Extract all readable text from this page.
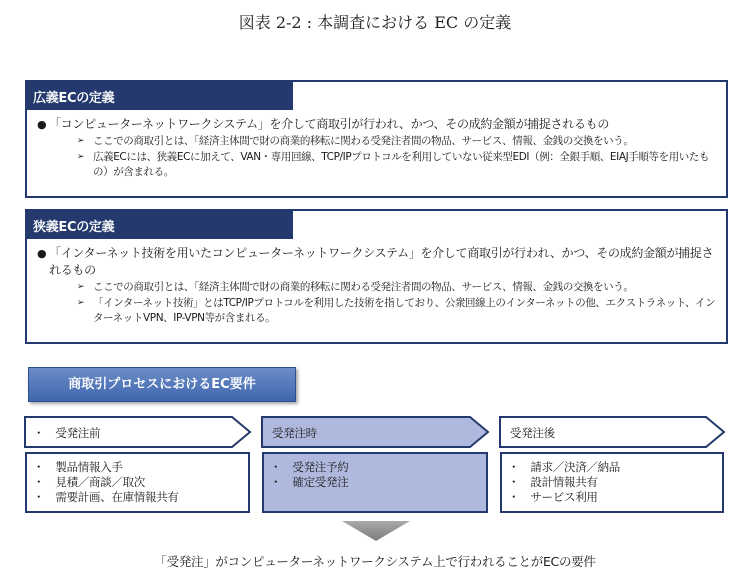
図表 2-2 : 本調査における EC の定義
広義ECの定義
● 「コンピューターネットワークシステム」を介して商取引が行われ、かつ、その成約金額が捕捉されるもの
➢ ここでの商取引とは、「経済主体間で財の商業的移転に関わる受発注者間の物品、サービス、情報、金銭の交換をいう。
➢ 広義ECには、狭義ECに加えて、VAN・専用回線、TCP/IPプロトコルを利用していない従来型EDI（例：全銀手順、EIAJ手順等を用いたもの）が含まれる。
狭義ECの定義
● 「インターネット技術を用いたコンピューターネットワークシステム」を介して商取引が行われ、かつ、その成約金額が捕捉されるもの
➢ ここでの商取引とは、「経済主体間で財の商業的移転に関わる受発注者間の物品、サービス、情報、金銭の交換をいう。
➢ 「インターネット技術」とはTCP/IPプロトコルを利用した技術を指しており、公衆回線上のインターネットの他、エクストラネット、インターネットVPN、IP-VPN等が含まれる。
商取引プロセスにおけるEC要件
・　受発注前	受発注時	受発注後
・　製品情報入手
・　見積／商談／取次
・　需要計画、在庫情報共有
・　受発注予約
・　確定受発注
・　請求／決済／納品
・　設計情報共有
・　サービス利用
「受発注」がコンピューターネットワークシステム上で行われることがECの要件
